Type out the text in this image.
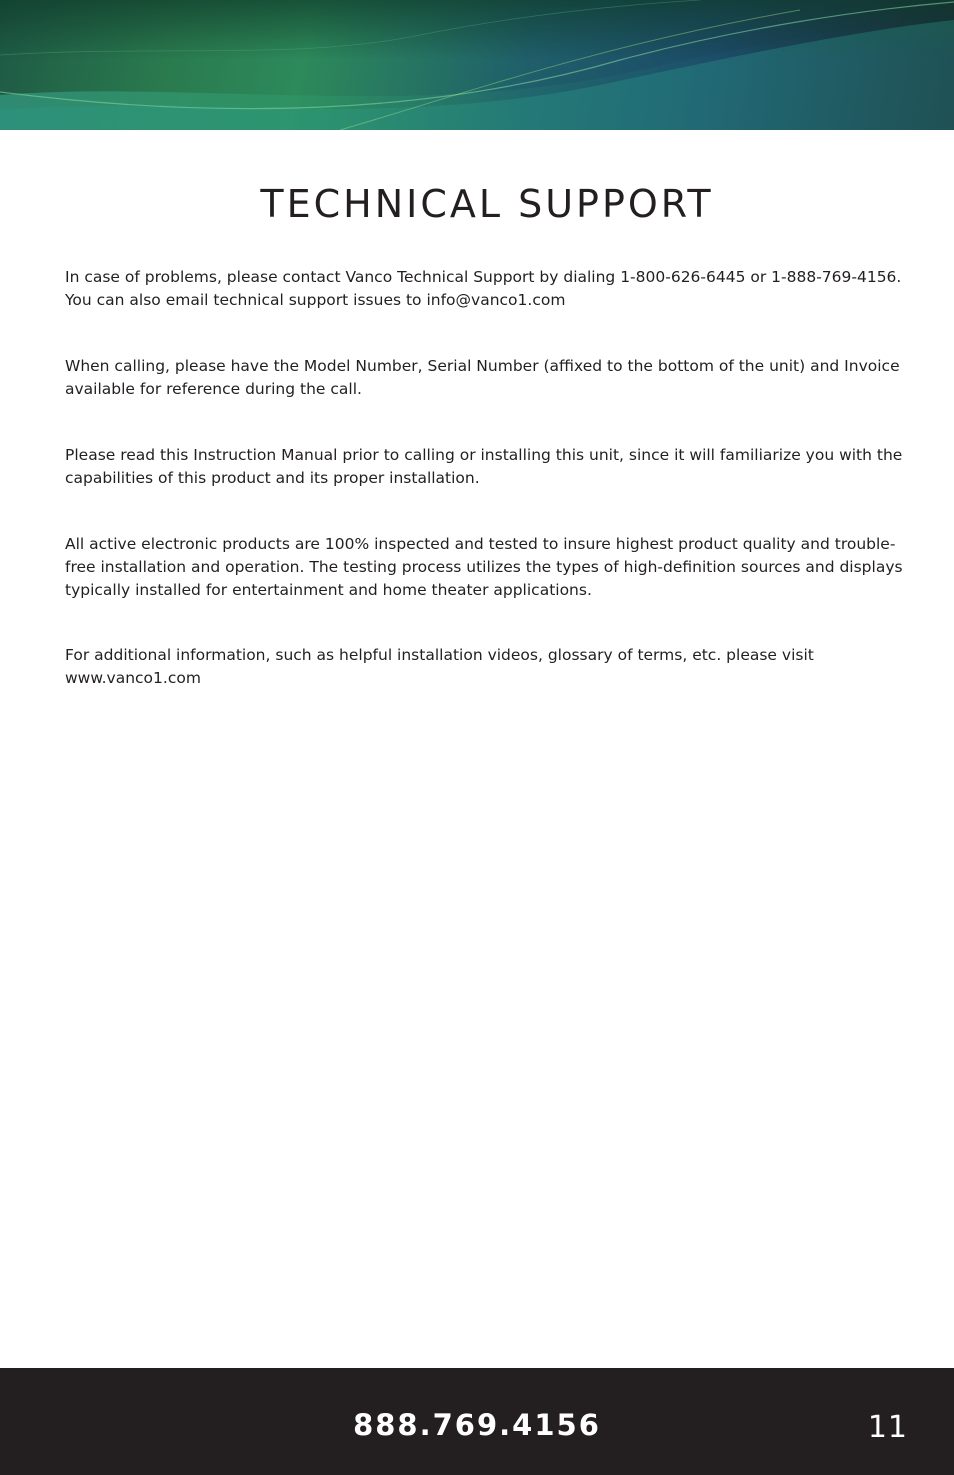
TECHNICAL SUPPORT

In case of problems, please contact Vanco Technical Support by dialing 1-800-626-6445 or 1-888-769-4156. You can also email technical support issues to info@vanco1.com

When calling, please have the Model Number, Serial Number (affixed to the bottom of the unit) and Invoice available for reference during the call.

Please read this Instruction Manual prior to calling or installing this unit, since it will familiarize you with the capabilities of this product and its proper installation.

All active electronic products are 100% inspected and tested to insure highest product quality and trouble-free installation and operation. The testing process utilizes the types of high-definition sources and displays typically installed for entertainment and home theater applications.

For additional information, such as helpful installation videos, glossary of terms, etc. please visit www.vanco1.com

888.769.4156	11
